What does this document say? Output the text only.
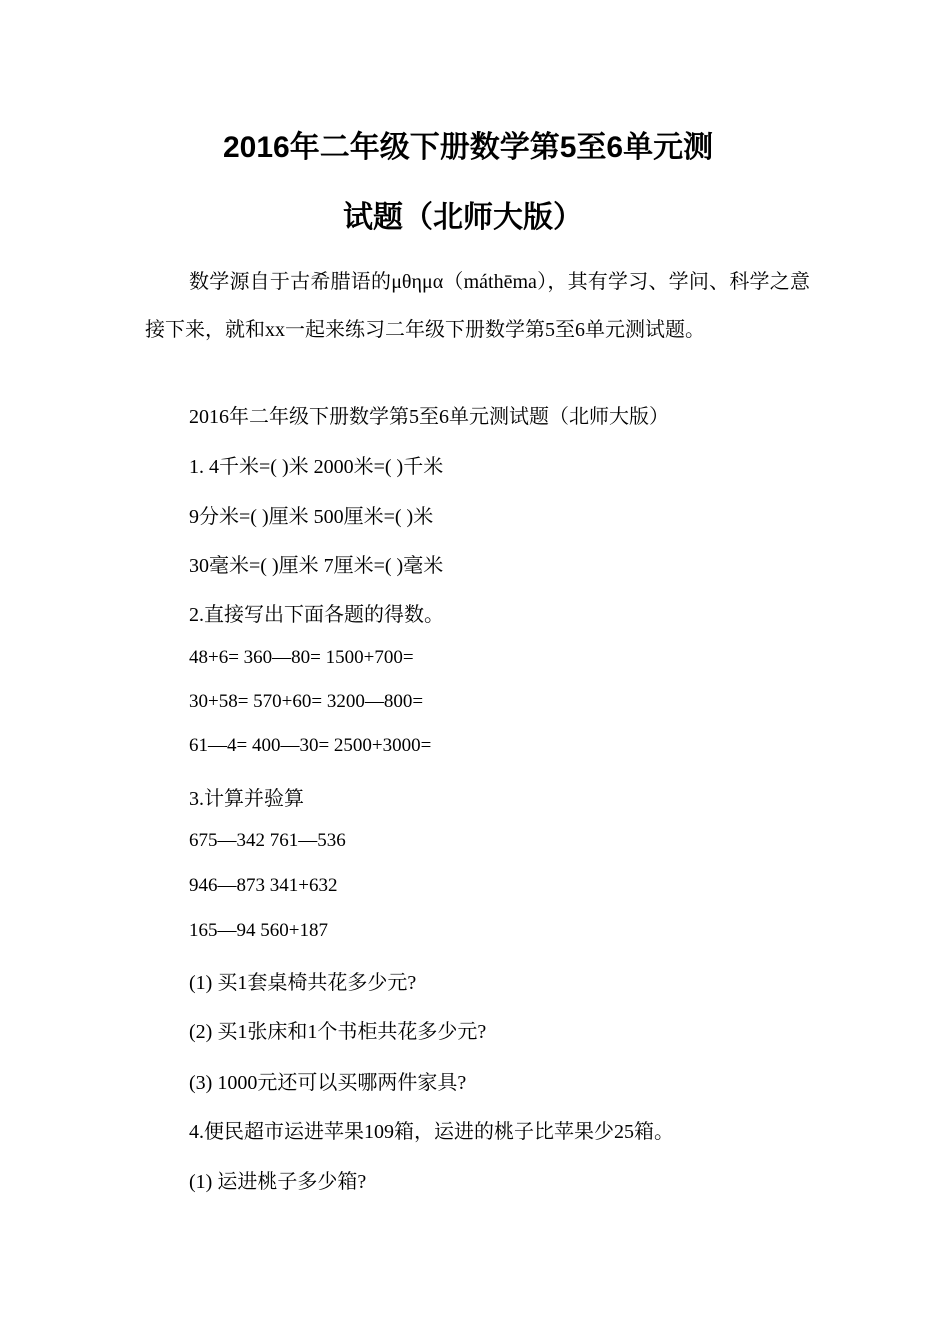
2016年二年级下册数学第5至6单元测
试题（北师大版）
数学源自于古希腊语的μθημα（máthēma），其有学习、学问、科学之意接下来，就和xx一起来练习二年级下册数学第5至6单元测试题。
2016年二年级下册数学第5至6单元测试题（北师大版）
1. 4千米=( )米 2000米=( )千米
9分米=( )厘米 500厘米=( )米
30毫米=( )厘米 7厘米=( )毫米
2.直接写出下面各题的得数。
48+6= 360—80= 1500+700=
30+58= 570+60= 3200—800=
61—4= 400—30= 2500+3000=
3.计算并验算
675—342 761—536
946—873 341+632
165—94 560+187
(1) 买1套桌椅共花多少元?
(2) 买1张床和1个书柜共花多少元?
(3) 1000元还可以买哪两件家具?
4.便民超市运进苹果109箱，运进的桃子比苹果少25箱。
(1) 运进桃子多少箱?
